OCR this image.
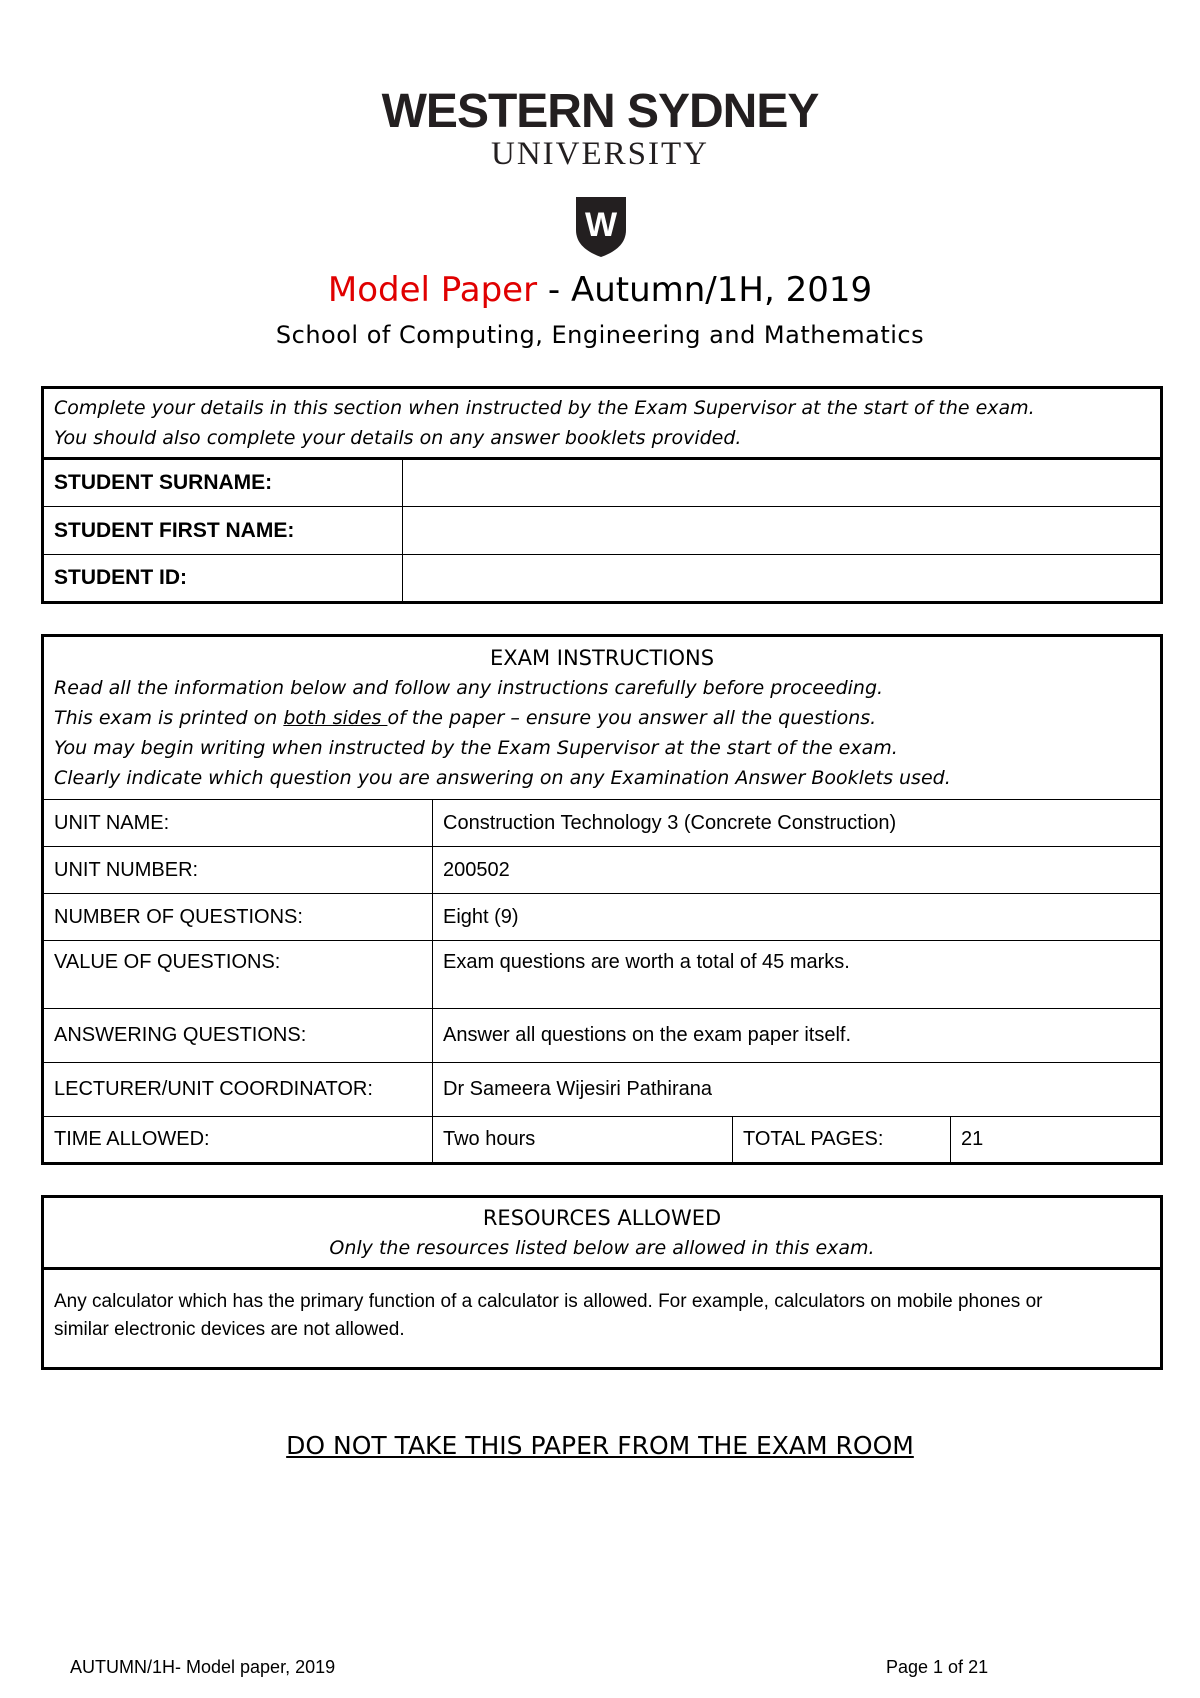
WESTERN SYDNEY
UNIVERSITY
W
Model Paper - Autumn/1H, 2019
School of Computing, Engineering and Mathematics
Complete your details in this section when instructed by the Exam Supervisor at the start of the exam.
You should also complete your details on any answer booklets provided.	

STUDENT SURNAME:	
STUDENT FIRST NAME:	
STUDENT ID:	
EXAM INSTRUCTIONS
Read all the information below and follow any instructions carefully before proceeding.
This exam is printed on both sides of the paper – ensure you answer all the questions.
You may begin writing when instructed by the Exam Supervisor at the start of the exam.
Clearly indicate which question you are answering on any Examination Answer Booklets used.

UNIT NAME:	Construction Technology 3 (Concrete Construction)
UNIT NUMBER:	200502
NUMBER OF QUESTIONS:	Eight (9)
VALUE OF QUESTIONS:	Exam questions are worth a total of 45 marks.
ANSWERING QUESTIONS:	Answer all questions on the exam paper itself.
LECTURER/UNIT COORDINATOR:	Dr Sameera Wijesiri Pathirana
TIME ALLOWED:	Two hours		TOTAL PAGES:	21
RESOURCES ALLOWED
Only the resources listed below are allowed in this exam.

Any calculator which has the primary function of a calculator is allowed. For example, calculators on mobile phones or
similar electronic devices are not allowed.
DO NOT TAKE THIS PAPER FROM THE EXAM ROOM
AUTUMN/1H- Model paper, 2019	Page 1 of 21
